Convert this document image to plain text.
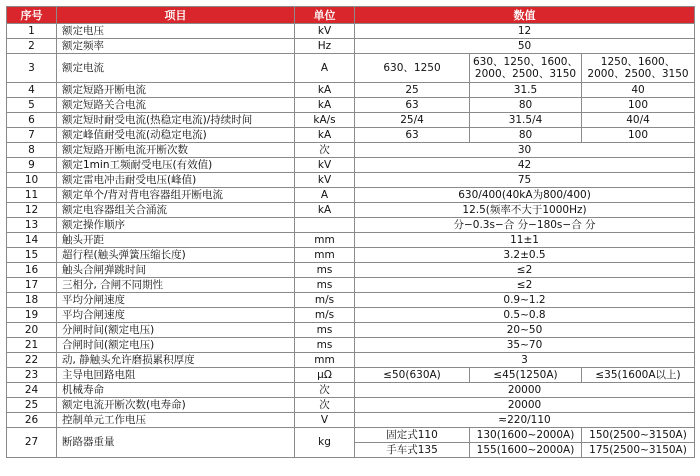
序号	项目	单位	数值		
1	额定电压	kV	12		
2	额定频率	Hz	50		
3	额定电流	A	630、1250	630、1250、1600、2000、2500、3150	1250、1600、2000、2500、3150
4	额定短路开断电流	kA	25	31.5	40
5	额定短路关合电流	kA	63	80	100
6	额定短时耐受电流(热稳定电流)/持续时间	kA/s	25/4	31.5/4	40/4
7	额定峰值耐受电流(动稳定电流)	kA	63	80	100
8	额定短路开断电流开断次数	次	30		
9	额定1min工频耐受电压(有效值)	kV	42		
10	额定雷电冲击耐受电压(峰值)	kV	75		
11	额定单个/背对背电容器组开断电流	A	630/400(40kA为800/400)		
12	额定电容器组关合涌流	kA	12.5(频率不大于1000Hz)		
13	额定操作顺序		分−0.3s−合 分−180s−合 分		
14	触头开距	mm	11±1		
15	超行程(触头弹簧压缩长度)	mm	3.2±0.5		
16	触头合闸弹跳时间	ms	≤2		
17	三相分, 合闸不同期性	ms	≤2		
18	平均分闸速度	m/s	0.9~1.2		
19	平均合闸速度	m/s	0.5~0.8		
20	分闸时间(额定电压)	ms	20~50		
21	合闸时间(额定电压)	ms	35~70		
22	动, 静触头允许磨损累积厚度	mm	3		
23	主导电回路电阻	μΩ	≤50(630A)	≤45(1250A)	≤35(1600A以上)
24	机械寿命	次	20000		
25	额定电流开断次数(电寿命)	次	20000		
26	控制单元工作电压	V	≂220/110		
27	断路器重量	kg	固定式110	130(1600~2000A)	150(2500~3150A)
			手车式135	155(1600~2000A)	175(2500~3150A)
